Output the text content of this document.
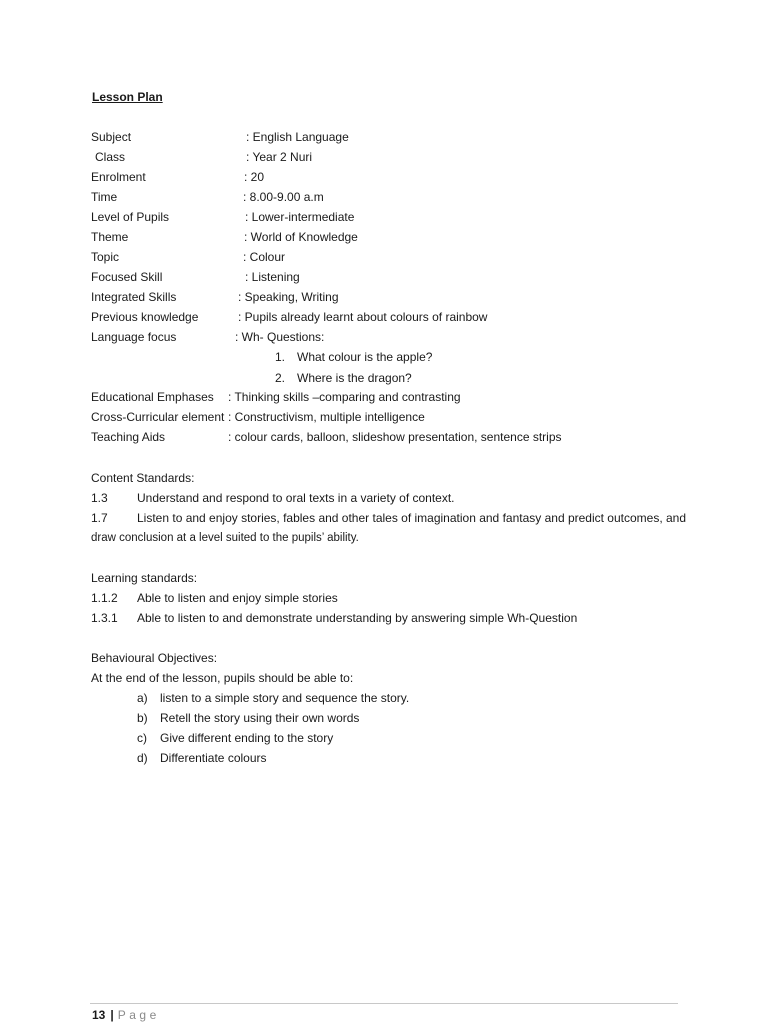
Lesson Plan
Subject	: English Language
Class	: Year 2 Nuri
Enrolment	: 20
Time	: 8.00-9.00 a.m
Level of Pupils	: Lower-intermediate
Theme	: World of Knowledge
Topic	: Colour
Focused Skill	: Listening
Integrated Skills	: Speaking, Writing
Previous knowledge	: Pupils already learnt about colours of rainbow
Language focus	: Wh- Questions:
1. What colour is the apple?
2. Where is the dragon?
Educational Emphases : Thinking skills –comparing and contrasting
Cross-Curricular element : Constructivism, multiple intelligence
Teaching Aids	: colour cards, balloon, slideshow presentation, sentence strips
Content Standards:
1.3 Understand and respond to oral texts in a variety of context.
1.7 Listen to and enjoy stories, fables and other tales of imagination and fantasy and predict outcomes, and
draw conclusion at a level suited to the pupils’ ability.
Learning standards:
1.1.2 Able to listen and enjoy simple stories
1.3.1 Able to listen to and demonstrate understanding by answering simple Wh-Question
Behavioural Objectives:
At the end of the lesson, pupils should be able to:
a) listen to a simple story and sequence the story.
b) Retell the story using their own words
c) Give different ending to the story
d) Differentiate colours
13 | Page
